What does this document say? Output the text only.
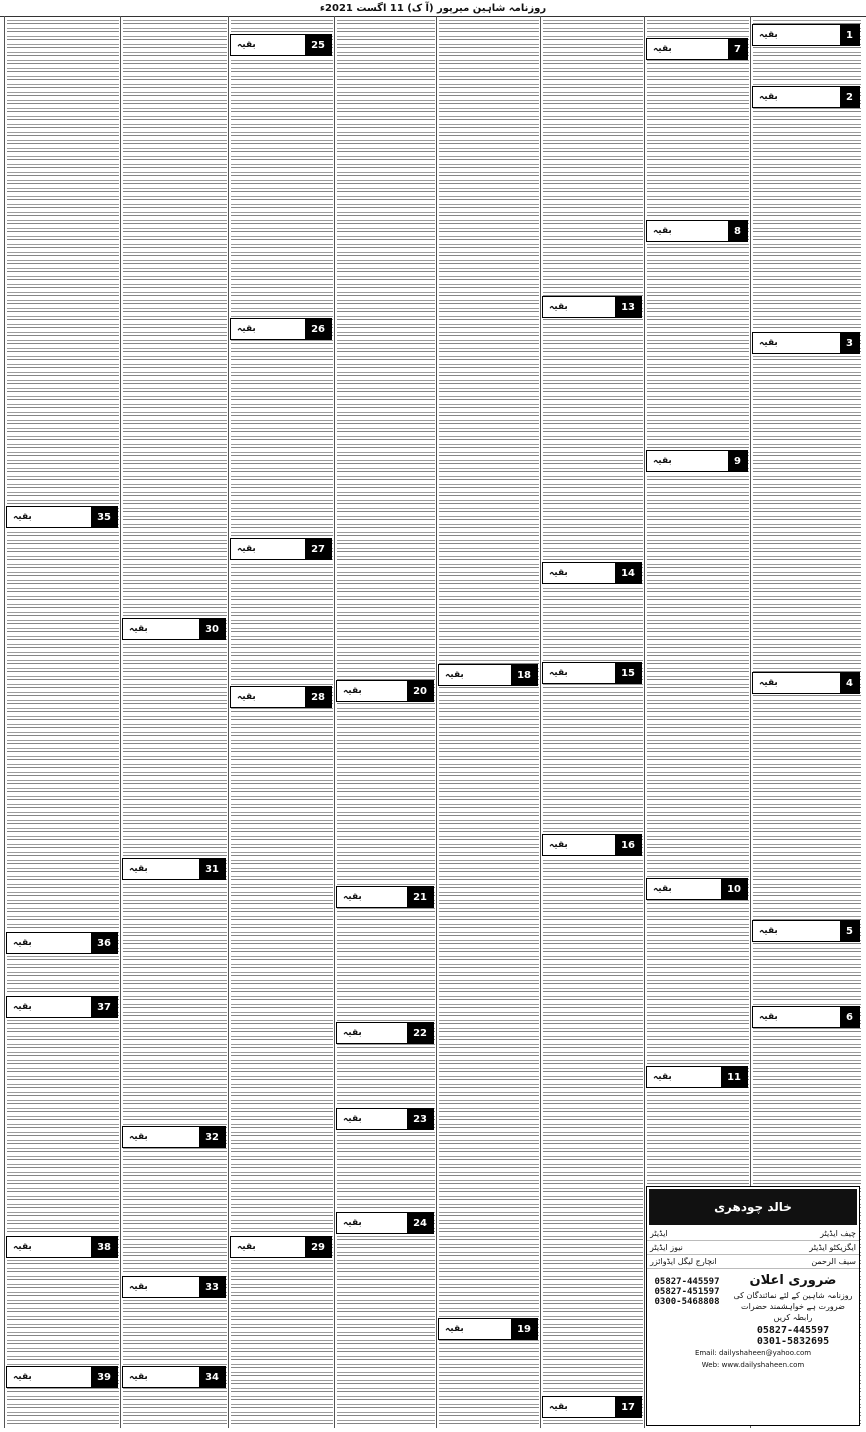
روزنامہ شاہین میرپور (آ ک) 11 اگست 2021ء
1
بقیہ
2
بقیہ
3
بقیہ
4
بقیہ
5
بقیہ
6
بقیہ
7
بقیہ
8
بقیہ
9
بقیہ
10
بقیہ
11
بقیہ
13
بقیہ
14
بقیہ
15
بقیہ
16
بقیہ
17
بقیہ
18
بقیہ
19
بقیہ
20
بقیہ
21
بقیہ
22
بقیہ
23
بقیہ
24
بقیہ
25
بقیہ
26
بقیہ
27
بقیہ
28
بقیہ
29
بقیہ
30
بقیہ
31
بقیہ
32
بقیہ
33
بقیہ
34
بقیہ
35
بقیہ
36
بقیہ
37
بقیہ
38
بقیہ
39
بقیہ
خالد چودھری
چیف ایڈیٹر
ایڈیٹر
ایگزیکٹو ایڈیٹر
نیوز ایڈیٹر
سیف الرحمن
انچارج لیگل ایڈوائزر
ضروری اعلان
روزنامہ شاہین کے لئے نمائندگان کی ضرورت ہے خواہشمند حضرات رابطہ کریں
05827-445597
0301-5832695
05827-445597
05827-451597
0300-5468808
Email: dailyshaheen@yahoo.com
Web: www.dailyshaheen.com
